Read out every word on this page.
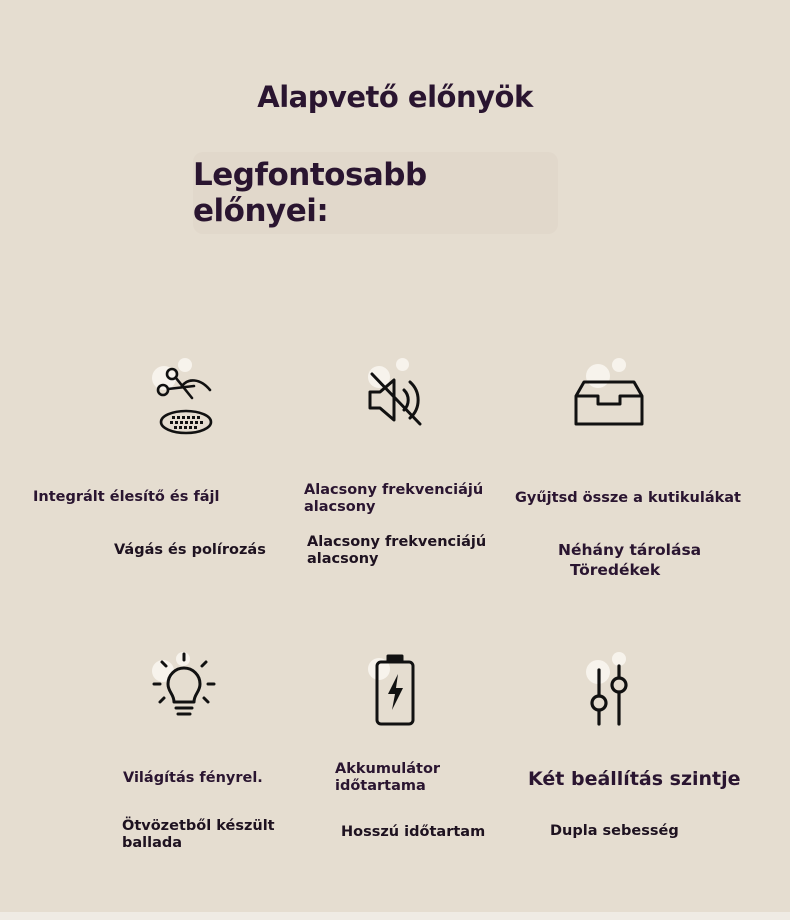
Alapvető előnyök
Legfontosabb előnyei:
Integrált élesítő és fájl
Vágás és polírozás
Alacsony frekvenciájú alacsony
Alacsony frekvenciájú alacsony
Gyűjtsd össze a kutikulákat
Néhány tárolása
Töredékek
Világítás fényrel.
Ötvözetből készült ballada
Akkumulátor időtartama
Hosszú időtartam
Két beállítás szintje
Dupla sebesség
